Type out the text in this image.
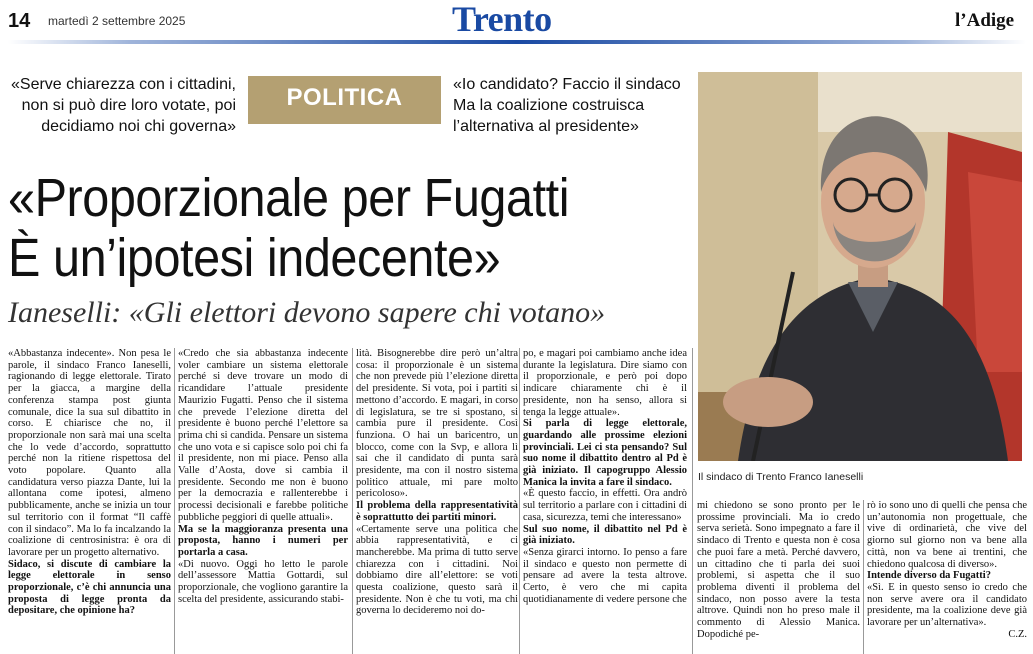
14 martedì 2 settembre 2025	Trento	l’Adige
«Serve chiarezza con i cittadini, non si può dire loro votate, poi decidiamo noi chi governa»
POLITICA	«Io candidato? Faccio il sindaco Ma la coalizione costruisca l’alternativa al presidente»
«Proporzionale per Fugatti
È un’ipotesi indecente»
Ianeselli: «Gli elettori devono sapere chi votano»
Il sindaco di Trento Franco Ianeselli

«Abbastanza indecente». Non pesa le parole, il sindaco Franco Ianeselli, ragionando di legge elettorale. Tirato per la giacca, a margine della conferenza stampa post giunta comunale, dice la sua sul dibattito in corso. E chiarisce che no, il proporzionale non sarà mai una scelta che lo vede d’accordo, soprattutto perché non la ritiene rispettosa del voto popolare. Quanto alla candidatura verso piazza Dante, lui la allontana come ipotesi, almeno pubblicamente, anche se inizia un tour sul territorio con il format “Il caffè con il sindaco”. Ma lo fa incalzando la coalizione di centrosinistra: è ora di lavorare per un progetto alternativo.

Sidaco, si discute di cambiare la legge elettorale in senso proporzionale, c’è chi annuncia una proposta di legge pronta da depositare, che opinione ha?

«Credo che sia abbastanza indecente voler cambiare un sistema elettorale perché si deve trovare un modo di ricandidare l’attuale presidente Maurizio Fugatti. Penso che il sistema che prevede l’elezione diretta del presidente è buono perché l’elettore sa prima chi si candida. Pensare un sistema che uno vota e si capisce solo poi chi fa il presidente, non mi piace. Penso alla Valle d’Aosta, dove si cambia il presidente. Secondo me non è buono per la democrazia e rallenterebbe i processi decisionali e farebbe politiche pubbliche peggiori di quelle attuali».

Ma se la maggioranza presenta una proposta, hanno i numeri per portarla a casa.

«Di nuovo. Oggi ho letto le parole dell’assessore Mattia Gottardi, sul proporzionale, che vogliono garantire la scelta del presidente, assicurando stabi-

lità. Bisognerebbe dire però un’altra cosa: il proporzionale è un sistema che non prevede più l’elezione diretta del presidente. Si vota, poi i partiti si mettono d’accordo. E magari, in corso di legislatura, se tre si spostano, si cambia pure il presidente. Così funziona. O hai un baricentro, un blocco, come con la Svp, e allora lì sai che il candidato di punta sarà presidente, ma con il nostro sistema politico attuale, mi pare molto pericoloso».

Il problema della rappresentatività è soprattutto dei partiti minori.

«Certamente serve una politica che abbia rappresentatività, e ci mancherebbe. Ma prima di tutto serve chiarezza con i cittadini. Noi dobbiamo dire all’elettore: se voti questa coalizione, questo sarà il presidente. Non è che tu voti, ma chi governa lo decideremo noi do-

po, e magari poi cambiamo anche idea durante la legislatura. Dire siamo con il proporzionale, e però poi dopo indicare chiaramente chi è il presidente, non ha senso, allora si tenga la legge attuale».

Si parla di legge elettorale, guardando alle prossime elezioni provinciali. Lei ci sta pensando? Sul suo nome il dibattito dentro al Pd è già iniziato. Il capogruppo Alessio Manica la invita a fare il sindaco.

«È questo faccio, in effetti. Ora andrò sul territorio a parlare con i cittadini di casa, sicurezza, temi che interessano»

Sul suo nome, il dibattito nel Pd è già iniziato.

«Senza girarci intorno. Io penso a fare il sindaco e questo non permette di pensare ad avere la testa altrove. Certo, è vero che mi capita quotidianamente di vedere persone che

mi chiedono se sono pronto per le prossime provinciali. Ma io credo serva serietà. Sono impegnato a fare il sindaco di Trento e questa non è cosa che puoi fare a metà. Perché davvero, un cittadino che ti parla dei suoi problemi, si aspetta che il suo problema diventi il problema del sindaco, non posso avere la testa altrove. Quindi non ho preso male il commento di Alessio Manica. Dopodiché pe-

rò io sono uno di quelli che pensa che un’autonomia non progettuale, che vive di ordinarietà, che vive del giorno sul giorno non va bene alla città, non va bene ai trentini, che chiedono qualcosa di diverso».

Intende diverso da Fugatti?

«Sì. E in questo senso io credo che non serve avere ora il candidato presidente, ma la coalizione deve già lavorare per un’alternativa».

C.Z.
